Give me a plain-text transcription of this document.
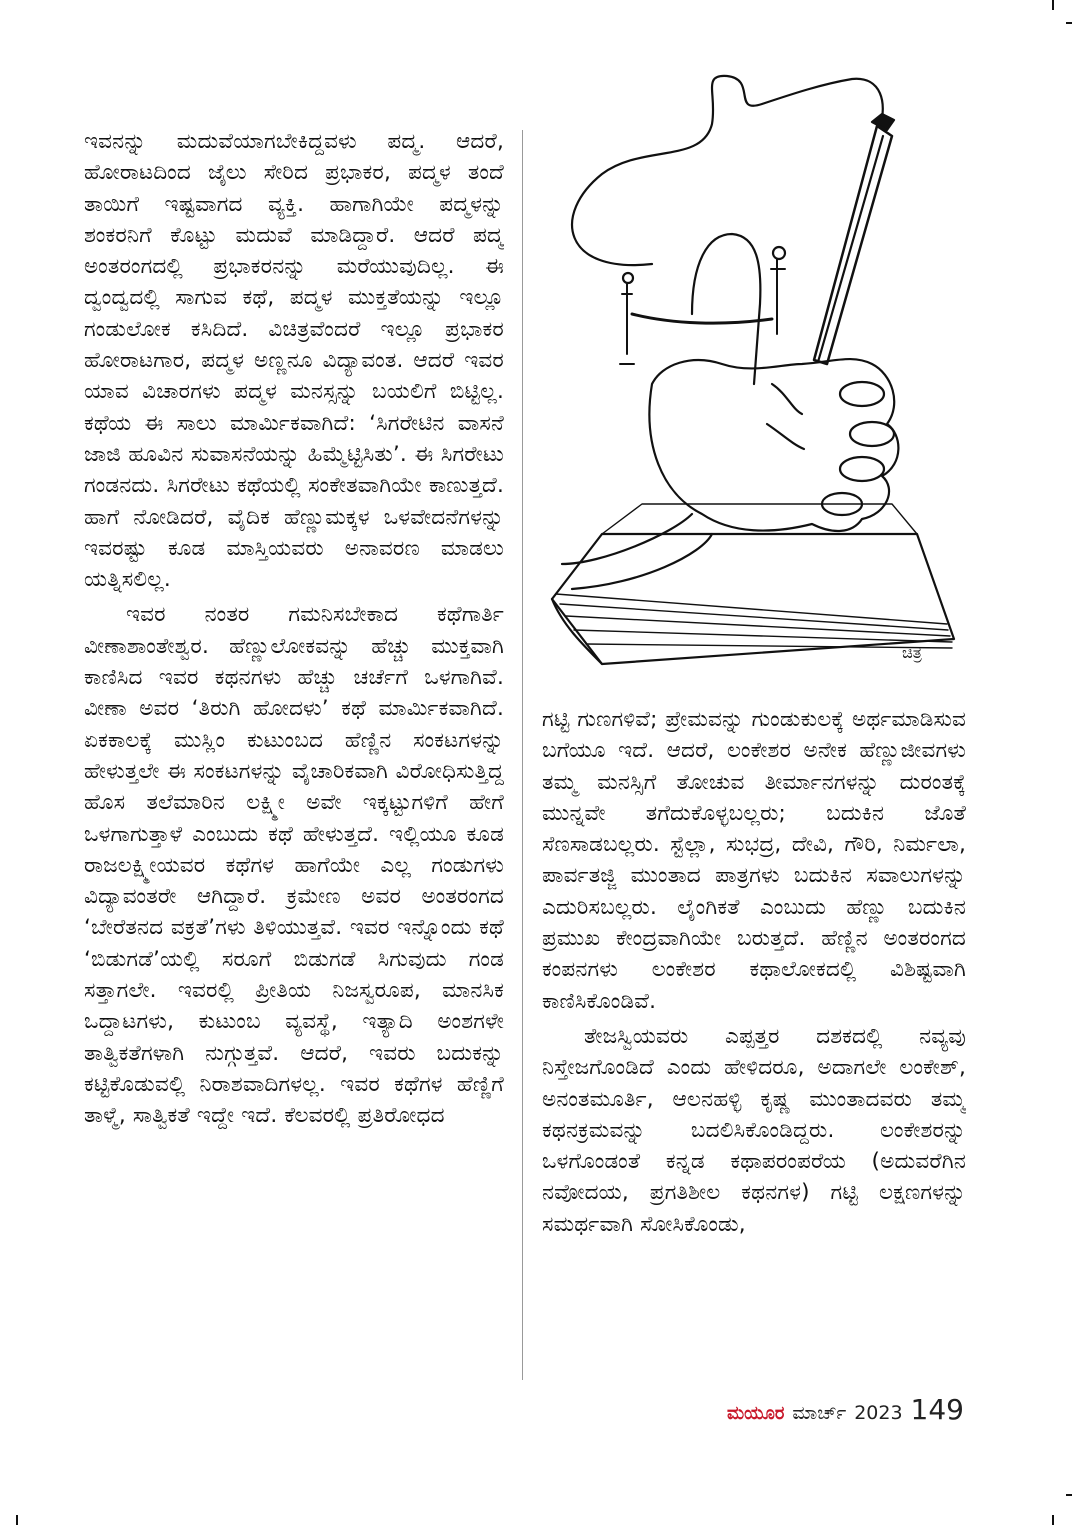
ಇವನನ್ನು ಮದುವೆಯಾಗಬೇಕಿದ್ದವಳು ಪದ್ಮ. ಆದರೆ, ಹೋರಾಟದಿಂದ ಜೈಲು ಸೇರಿದ ಪ್ರಭಾಕರ, ಪದ್ಮಳ ತಂದೆ ತಾಯಿಗೆ ಇಷ್ಟವಾಗದ ವ್ಯಕ್ತಿ. ಹಾಗಾಗಿಯೇ ಪದ್ಮಳನ್ನು ಶಂಕರನಿಗೆ ಕೊಟ್ಟು ಮದುವೆ ಮಾಡಿದ್ದಾರೆ. ಆದರೆ ಪದ್ಮ ಅಂತರಂಗದಲ್ಲಿ ಪ್ರಭಾಕರನನ್ನು ಮರೆಯುವುದಿಲ್ಲ. ಈ ದ್ವಂದ್ವದಲ್ಲಿ ಸಾಗುವ ಕಥೆ, ಪದ್ಮಳ ಮುಕ್ತತೆಯನ್ನು ಇಲ್ಲೂ ಗಂಡುಲೋಕ ಕಸಿದಿದೆ. ವಿಚಿತ್ರವೆಂದರೆ ಇಲ್ಲೂ ಪ್ರಭಾಕರ ಹೋರಾಟಗಾರ, ಪದ್ಮಳ ಅಣ್ಣನೂ ವಿದ್ಯಾವಂತ. ಆದರೆ ಇವರ ಯಾವ ವಿಚಾರಗಳು ಪದ್ಮಳ ಮನಸ್ಸನ್ನು ಬಯಲಿಗೆ ಬಿಟ್ಟಿಲ್ಲ. ಕಥೆಯ ಈ ಸಾಲು ಮಾರ್ಮಿಕವಾಗಿದೆ: ‘ಸಿಗರೇಟಿನ ವಾಸನೆ ಜಾಜಿ ಹೂವಿನ ಸುವಾಸನೆಯನ್ನು ಹಿಮ್ಮೆಟ್ಟಿಸಿತು’. ಈ ಸಿಗರೇಟು ಗಂಡನದು. ಸಿಗರೇಟು ಕಥೆಯಲ್ಲಿ ಸಂಕೇತವಾಗಿಯೇ ಕಾಣುತ್ತದೆ. ಹಾಗೆ ನೋಡಿದರೆ, ವೈದಿಕ ಹೆಣ್ಣುಮಕ್ಕಳ ಒಳವೇದನೆಗಳನ್ನು ಇವರಷ್ಟು ಕೂಡ ಮಾಸ್ತಿಯವರು ಅನಾವರಣ ಮಾಡಲು ಯತ್ನಿಸಲಿಲ್ಲ.

ಇವರ ನಂತರ ಗಮನಿಸಬೇಕಾದ ಕಥೆಗಾರ್ತಿ ವೀಣಾಶಾಂತೇಶ್ವರ. ಹೆಣ್ಣುಲೋಕವನ್ನು ಹೆಚ್ಚು ಮುಕ್ತವಾಗಿ ಕಾಣಿಸಿದ ಇವರ ಕಥನಗಳು ಹೆಚ್ಚು ಚರ್ಚೆಗೆ ಒಳಗಾಗಿವೆ. ವೀಣಾ ಅವರ ‘ತಿರುಗಿ ಹೋದಳು’ ಕಥೆ ಮಾರ್ಮಿಕವಾಗಿದೆ. ಏಕಕಾಲಕ್ಕೆ ಮುಸ್ಲಿಂ ಕುಟುಂಬದ ಹೆಣ್ಣಿನ ಸಂಕಟಗಳನ್ನು ಹೇಳುತ್ತಲೇ ಈ ಸಂಕಟಗಳನ್ನು ವೈಚಾರಿಕವಾಗಿ ವಿರೋಧಿಸುತ್ತಿದ್ದ ಹೊಸ ತಲೆಮಾರಿನ ಲಕ್ಷ್ಮೀ ಅವೇ ಇಕ್ಕಟ್ಟುಗಳಿಗೆ ಹೇಗೆ ಒಳಗಾಗುತ್ತಾಳೆ ಎಂಬುದು ಕಥೆ ಹೇಳುತ್ತದೆ. ಇಲ್ಲಿಯೂ ಕೂಡ ರಾಜಲಕ್ಷ್ಮೀಯವರ ಕಥೆಗಳ ಹಾಗೆಯೇ ಎಲ್ಲ ಗಂಡುಗಳು ವಿದ್ಯಾವಂತರೇ ಆಗಿದ್ದಾರೆ. ಕ್ರಮೇಣ ಅವರ ಅಂತರಂಗದ ‘ಬೇರೆತನದ ವಕ್ರತೆ’ಗಳು ತಿಳಿಯುತ್ತವೆ. ಇವರ ಇನ್ನೊಂದು ಕಥೆ ‘ಬಿಡುಗಡೆ’ಯಲ್ಲಿ ಸರೂಗೆ ಬಿಡುಗಡೆ ಸಿಗುವುದು ಗಂಡ ಸತ್ತಾಗಲೇ. ಇವರಲ್ಲಿ ಪ್ರೀತಿಯ ನಿಜಸ್ವರೂಪ, ಮಾನಸಿಕ ಒದ್ದಾಟಗಳು, ಕುಟುಂಬ ವ್ಯವಸ್ಥೆ, ಇತ್ಯಾದಿ ಅಂಶಗಳೇ ತಾತ್ವಿಕತೆಗಳಾಗಿ ನುಗ್ಗುತ್ತವೆ. ಆದರೆ, ಇವರು ಬದುಕನ್ನು ಕಟ್ಟಿಕೊಡುವಲ್ಲಿ ನಿರಾಶವಾದಿಗಳಲ್ಲ. ಇವರ ಕಥೆಗಳ ಹೆಣ್ಣಿಗೆ ತಾಳ್ಮೆ, ಸಾತ್ವಿಕತೆ ಇದ್ದೇ ಇದೆ. ಕೆಲವರಲ್ಲಿ ಪ್ರತಿರೋಧದ

ಚಿತ್ರ

ಗಟ್ಟಿ ಗುಣಗಳಿವೆ; ಪ್ರೇಮವನ್ನು ಗುಂಡುಕುಲಕ್ಕೆ ಅರ್ಥಮಾಡಿಸುವ ಬಗೆಯೂ ಇದೆ. ಆದರೆ, ಲಂಕೇಶರ ಅನೇಕ ಹೆಣ್ಣುಜೀವಗಳು ತಮ್ಮ ಮನಸ್ಸಿಗೆ ತೋಚುವ ತೀರ್ಮಾನಗಳನ್ನು ದುರಂತಕ್ಕೆ ಮುನ್ನವೇ ತಗೆದುಕೊಳ್ಳಬಲ್ಲರು; ಬದುಕಿನ ಜೊತೆ ಸೆಣಸಾಡಬಲ್ಲರು. ಸ್ಟೆಲ್ಲಾ, ಸುಭದ್ರ, ದೇವಿ, ಗೌರಿ, ನಿರ್ಮಲಾ, ಪಾರ್ವತಜ್ಜಿ ಮುಂತಾದ ಪಾತ್ರಗಳು ಬದುಕಿನ ಸವಾಲುಗಳನ್ನು ಎದುರಿಸಬಲ್ಲರು. ಲೈಂಗಿಕತೆ ಎಂಬುದು ಹೆಣ್ಣು ಬದುಕಿನ ಪ್ರಮುಖ ಕೇಂದ್ರವಾಗಿಯೇ ಬರುತ್ತದೆ. ಹೆಣ್ಣಿನ ಅಂತರಂಗದ ಕಂಪನಗಳು ಲಂಕೇಶರ ಕಥಾಲೋಕದಲ್ಲಿ ವಿಶಿಷ್ಟವಾಗಿ ಕಾಣಿಸಿಕೊಂಡಿವೆ.

ತೇಜಸ್ವಿಯವರು ಎಪ್ಪತ್ತರ ದಶಕದಲ್ಲಿ ನವ್ಯವು ನಿಸ್ತೇಜಗೊಂಡಿದೆ ಎಂದು ಹೇಳಿದರೂ, ಅದಾಗಲೇ ಲಂಕೇಶ್, ಅನಂತಮೂರ್ತಿ, ಆಲನಹಳ್ಳಿ ಕೃಷ್ಣ ಮುಂತಾದವರು ತಮ್ಮ ಕಥನಕ್ರಮವನ್ನು ಬದಲಿಸಿಕೊಂಡಿದ್ದರು. ಲಂಕೇಶರನ್ನು ಒಳಗೊಂಡಂತೆ ಕನ್ನಡ ಕಥಾಪರಂಪರೆಯ (ಅದುವರೆಗಿನ ನವೋದಯ, ಪ್ರಗತಿಶೀಲ ಕಥನಗಳ) ಗಟ್ಟಿ ಲಕ್ಷಣಗಳನ್ನು ಸಮರ್ಥವಾಗಿ ಸೋಸಿಕೊಂಡು,

ಮಯೂರ ಮಾರ್ಚ್ 2023 149
